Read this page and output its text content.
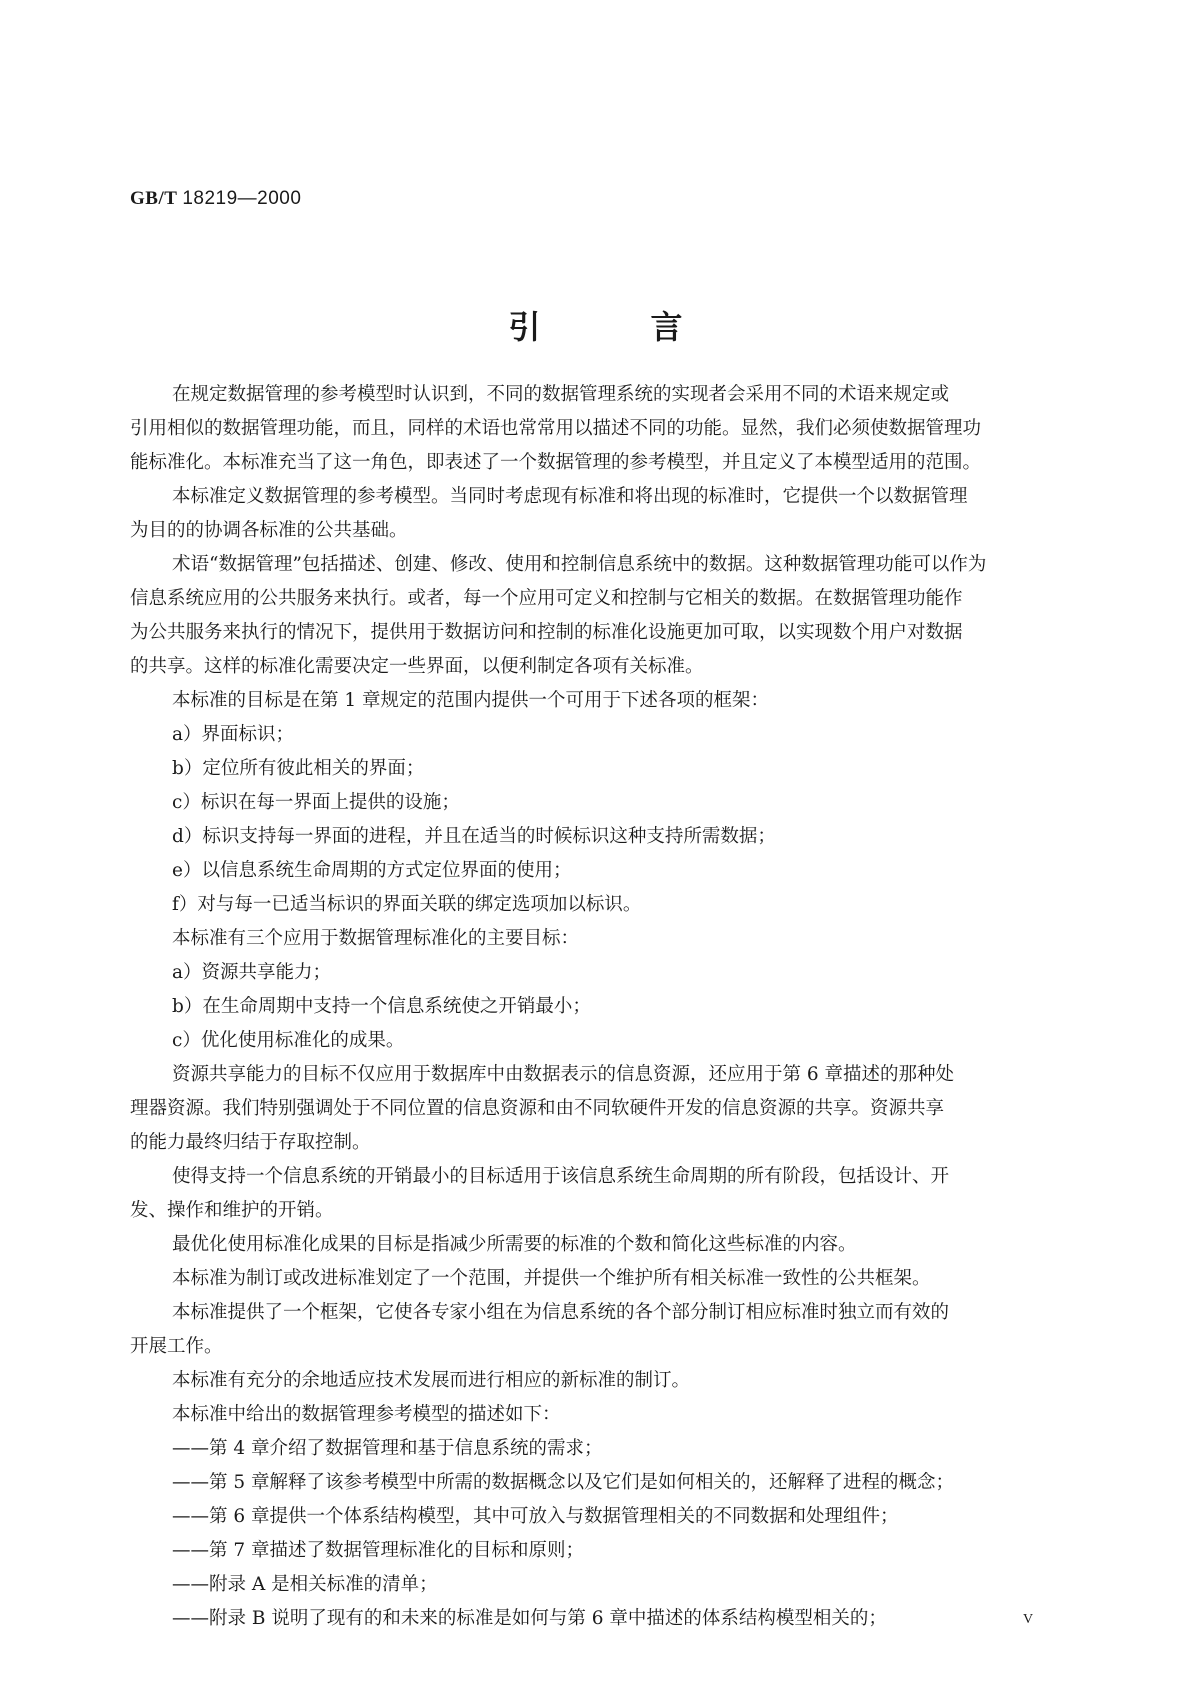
GB/T 18219—2000
引言
在规定数据管理的参考模型时认识到，不同的数据管理系统的实现者会采用不同的术语来规定或
引用相似的数据管理功能，而且，同样的术语也常常用以描述不同的功能。显然，我们必须使数据管理功
能标准化。本标准充当了这一角色，即表述了一个数据管理的参考模型，并且定义了本模型适用的范围。
本标准定义数据管理的参考模型。当同时考虑现有标准和将出现的标准时，它提供一个以数据管理
为目的的协调各标准的公共基础。
术语“数据管理”包括描述、创建、修改、使用和控制信息系统中的数据。这种数据管理功能可以作为
信息系统应用的公共服务来执行。或者，每一个应用可定义和控制与它相关的数据。在数据管理功能作
为公共服务来执行的情况下，提供用于数据访问和控制的标准化设施更加可取，以实现数个用户对数据
的共享。这样的标准化需要决定一些界面，以便利制定各项有关标准。
本标准的目标是在第 1 章规定的范围内提供一个可用于下述各项的框架：
a）界面标识；
b）定位所有彼此相关的界面；
c）标识在每一界面上提供的设施；
d）标识支持每一界面的进程，并且在适当的时候标识这种支持所需数据；
e）以信息系统生命周期的方式定位界面的使用；
f）对与每一已适当标识的界面关联的绑定选项加以标识。
本标准有三个应用于数据管理标准化的主要目标：
a）资源共享能力；
b）在生命周期中支持一个信息系统使之开销最小；
c）优化使用标准化的成果。
资源共享能力的目标不仅应用于数据库中由数据表示的信息资源，还应用于第 6 章描述的那种处
理器资源。我们特别强调处于不同位置的信息资源和由不同软硬件开发的信息资源的共享。资源共享
的能力最终归结于存取控制。
使得支持一个信息系统的开销最小的目标适用于该信息系统生命周期的所有阶段，包括设计、开
发、操作和维护的开销。
最优化使用标准化成果的目标是指减少所需要的标准的个数和简化这些标准的内容。
本标准为制订或改进标准划定了一个范围，并提供一个维护所有相关标准一致性的公共框架。
本标准提供了一个框架，它使各专家小组在为信息系统的各个部分制订相应标准时独立而有效的
开展工作。
本标准有充分的余地适应技术发展而进行相应的新标准的制订。
本标准中给出的数据管理参考模型的描述如下：
——第 4 章介绍了数据管理和基于信息系统的需求；
——第 5 章解释了该参考模型中所需的数据概念以及它们是如何相关的，还解释了进程的概念；
——第 6 章提供一个体系结构模型，其中可放入与数据管理相关的不同数据和处理组件；
——第 7 章描述了数据管理标准化的目标和原则；
——附录 A 是相关标准的清单；
——附录 B 说明了现有的和未来的标准是如何与第 6 章中描述的体系结构模型相关的；	V
